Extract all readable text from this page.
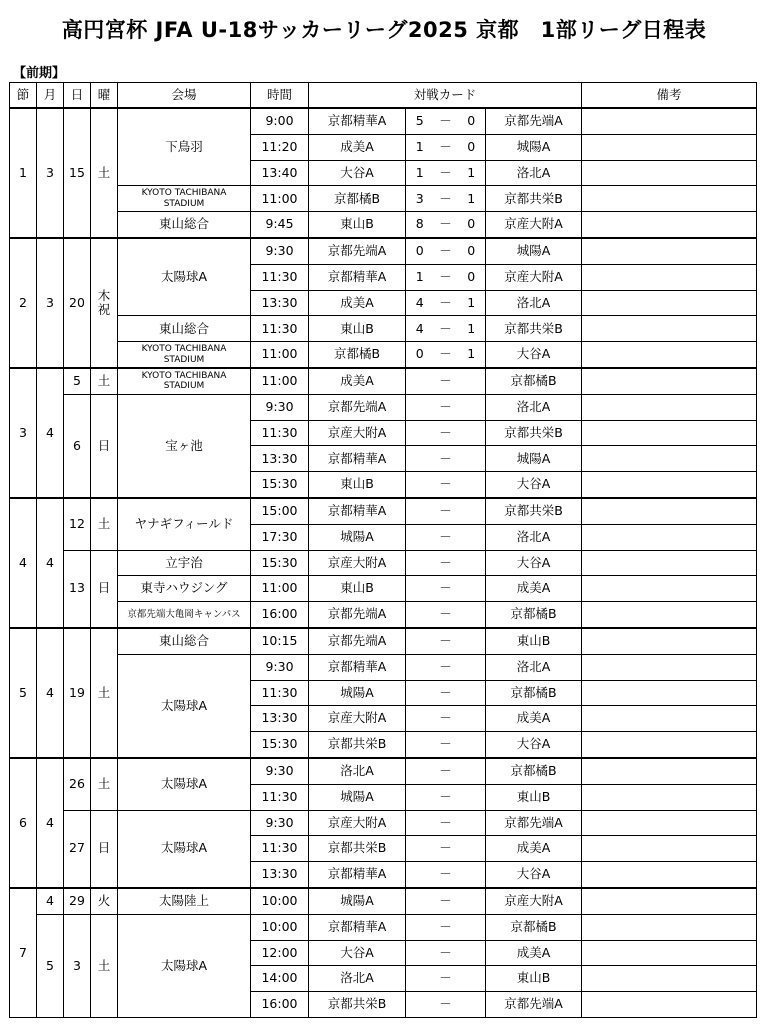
高円宮杯 JFA U-18サッカーリーグ2025 京都　1部リーグ日程表
【前期】
節	月	日	曜	会場	時間	対戦カード					備考
1	3	15	土	下鳥羽	9:00	京都精華A	5	－	0	京都先端A	
					11:20	成美A	1	－	0	城陽A	
					13:40	大谷A	1	－	1	洛北A	
				KYOTO TACHIBANA STADIUM	11:00	京都橘B	3	－	1	京都共栄B	
				東山総合	9:45	東山B	8	－	0	京産大附A	
2	3	20	木祝	太陽球A	9:30	京都先端A	0	－	0	城陽A	
					11:30	京都精華A	1	－	0	京産大附A	
					13:30	成美A	4	－	1	洛北A	
				東山総合	11:30	東山B	4	－	1	京都共栄B	
				KYOTO TACHIBANA STADIUM	11:00	京都橘B	0	－	1	大谷A	
3	4	5	土	KYOTO TACHIBANA STADIUM	11:00	成美A		－		京都橘B	
		6	日	宝ヶ池	9:30	京都先端A		－		洛北A	
					11:30	京産大附A		－		京都共栄B	
					13:30	京都精華A		－		城陽A	
					15:30	東山B		－		大谷A	
4	4	12	土	ヤナギフィールド	15:00	京都精華A		－		京都共栄B	
					17:30	城陽A		－		洛北A	
		13	日	立宇治	15:30	京産大附A		－		大谷A	
				東寺ハウジング	11:00	東山B		－		成美A	
				京都先端大亀岡キャンパス	16:00	京都先端A		－		京都橘B	
5	4	19	土	東山総合	10:15	京都先端A		－		東山B	
				太陽球A	9:30	京都精華A		－		洛北A	
					11:30	城陽A		－		京都橘B	
					13:30	京産大附A		－		成美A	
					15:30	京都共栄B		－		大谷A	
6	4	26	土	太陽球A	9:30	洛北A		－		京都橘B	
					11:30	城陽A		－		東山B	
		27	日	太陽球A	9:30	京産大附A		－		京都先端A	
					11:30	京都共栄B		－		成美A	
					13:30	京都精華A		－		大谷A	
7	4	29	火	太陽陸上	10:00	城陽A		－		京産大附A	
	5	3	土	太陽球A	10:00	京都精華A		－		京都橘B	
					12:00	大谷A		－		成美A	
					14:00	洛北A		－		東山B	
					16:00	京都共栄B		－		京都先端A	
